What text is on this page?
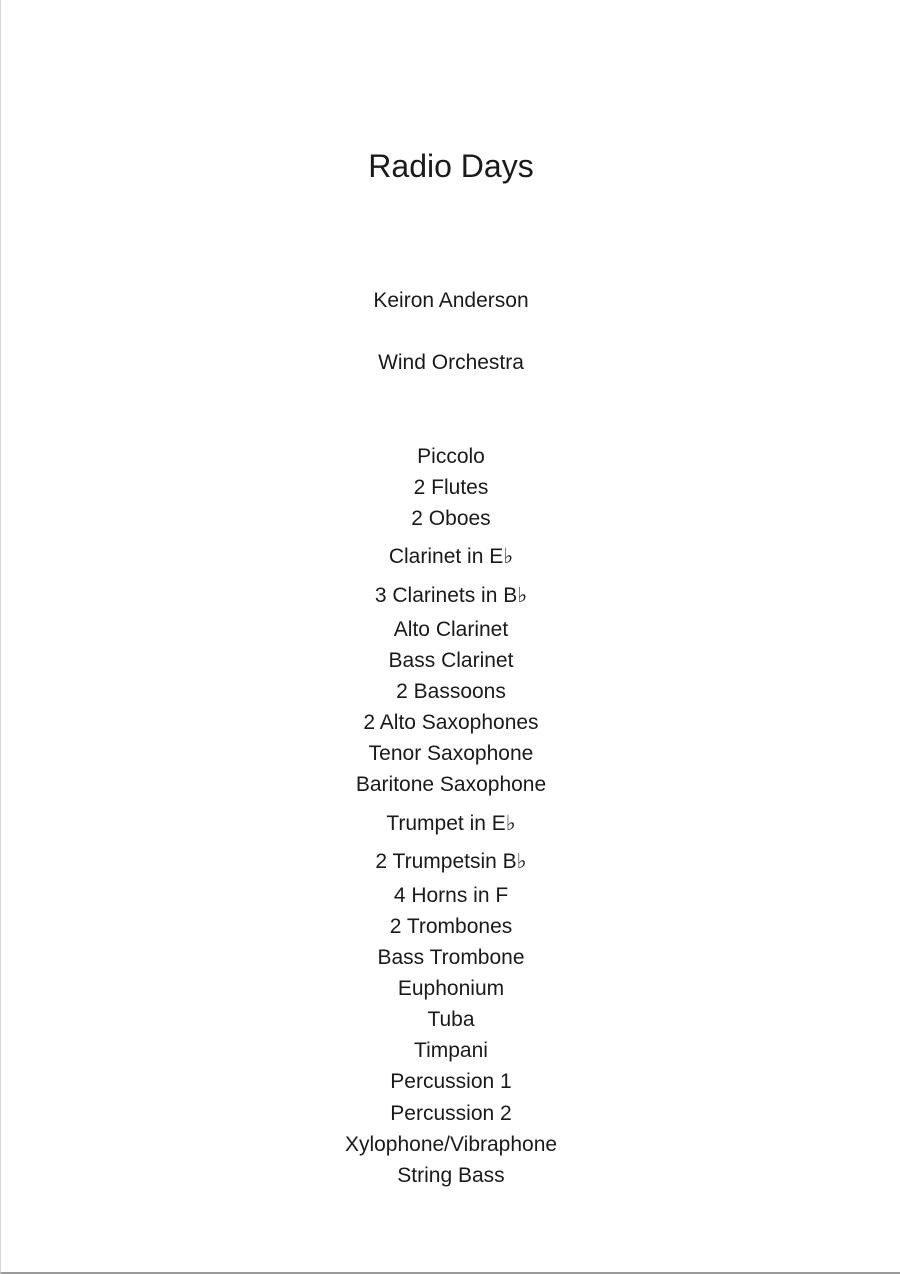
Radio Days
Keiron Anderson
Wind Orchestra
Piccolo
2 Flutes
2 Oboes
Clarinet in E♭
3 Clarinets in B♭
Alto Clarinet
Bass Clarinet
2 Bassoons
2 Alto Saxophones
Tenor Saxophone
Baritone Saxophone
Trumpet in E♭
2 Trumpetsin B♭
4 Horns in F
2 Trombones
Bass Trombone
Euphonium
Tuba
Timpani
Percussion 1
Percussion 2
Xylophone/Vibraphone
String Bass
